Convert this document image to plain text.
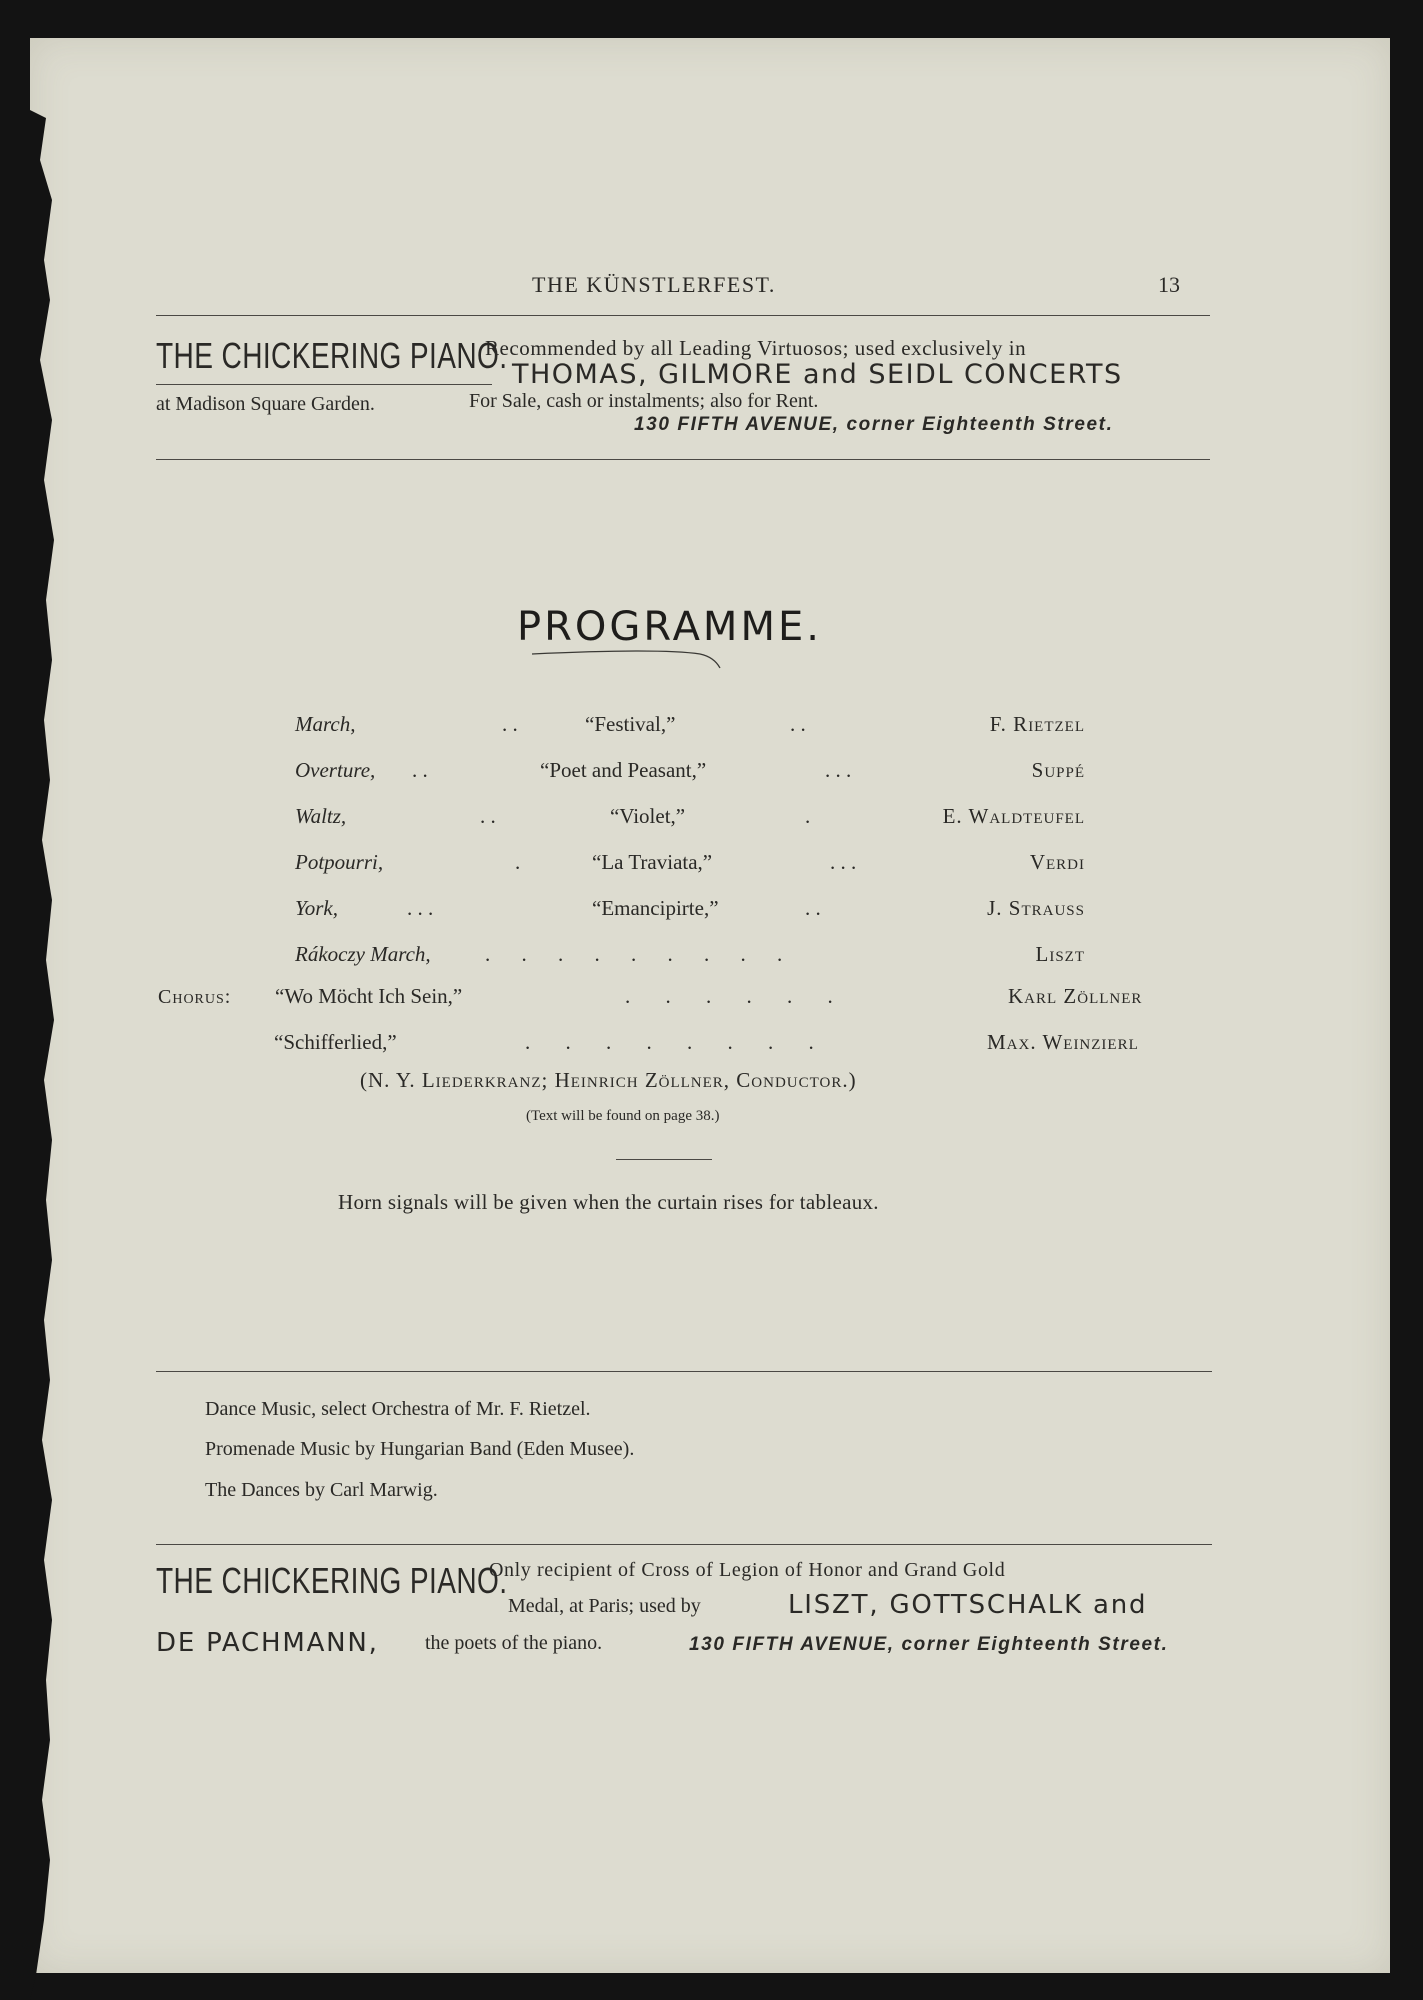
THE KÜNSTLERFEST.	13
THE CHICKERING PIANO.
Recommended by all Leading Virtuosos; used exclusively in
THOMAS, GILMORE and SEIDL CONCERTS
at Madison Square Garden.	For Sale, cash or instalments; also for Rent.
130 FIFTH AVENUE, corner Eighteenth Street.
PROGRAMME.
March,	. .	“Festival,”	. .	F. Rietzel
Overture, . .	“Poet and Peasant,”	. . .	Suppé
Waltz,	. .	“Violet,”	.	E. Waldteufel
Potpourri,	.	“La Traviata,”	. . .	Verdi
York,	. . .	“Emancipirte,”	. .	J. Strauss
Rákoczy March,	. . . . . . . . .	Liszt
Chorus: “Wo Möcht Ich Sein,”	. . . . . .	Karl Zöllner
“Schifferlied,”	. . . . . . . .	Max. Weinzierl
(N. Y. Liederkranz; Heinrich Zöllner, Conductor.)
(Text will be found on page 38.)
Horn signals will be given when the curtain rises for tableaux.
Dance Music, select Orchestra of Mr. F. Rietzel.
Promenade Music by Hungarian Band (Eden Musee).
The Dances by Carl Marwig.
THE CHICKERING PIANO.
Only recipient of Cross of Legion of Honor and Grand Gold
Medal, at Paris; used by	LISZT, GOTTSCHALK and
DE PACHMANN, the poets of the piano.	130 FIFTH AVENUE, corner Eighteenth Street.
